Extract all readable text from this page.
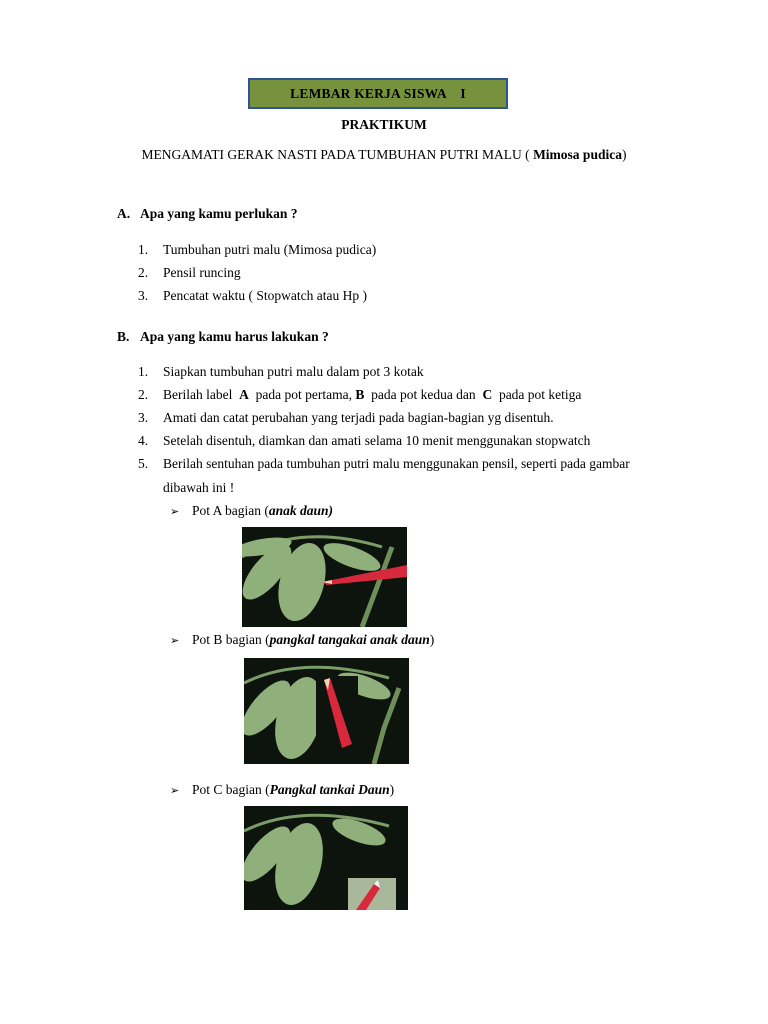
LEMBAR KERJA SISWA    I
PRAKTIKUM
MENGAMATI GERAK NASTI PADA TUMBUHAN PUTRI MALU ( Mimosa pudica)
A. Apa yang kamu perlukan ?
1. Tumbuhan putri malu (Mimosa pudica)
2. Pensil runcing
3. Pencatat waktu ( Stopwatch atau Hp )
B. Apa yang kamu harus lakukan ?
1. Siapkan tumbuhan putri malu dalam pot 3 kotak
2. Berilah label  A  pada pot pertama, B  pada pot kedua dan  C  pada pot ketiga
3. Amati dan catat perubahan yang terjadi pada bagian-bagian yg disentuh.
4. Setelah disentuh, diamkan dan amati selama 10 menit menggunakan stopwatch
5. Berilah sentuhan pada tumbuhan putri malu menggunakan pensil, seperti pada gambar
dibawah ini !
➢ Pot A bagian (anak daun)
➢ Pot B bagian (pangkal tangakai anak daun)
➢ Pot C bagian (Pangkal tankai Daun)
